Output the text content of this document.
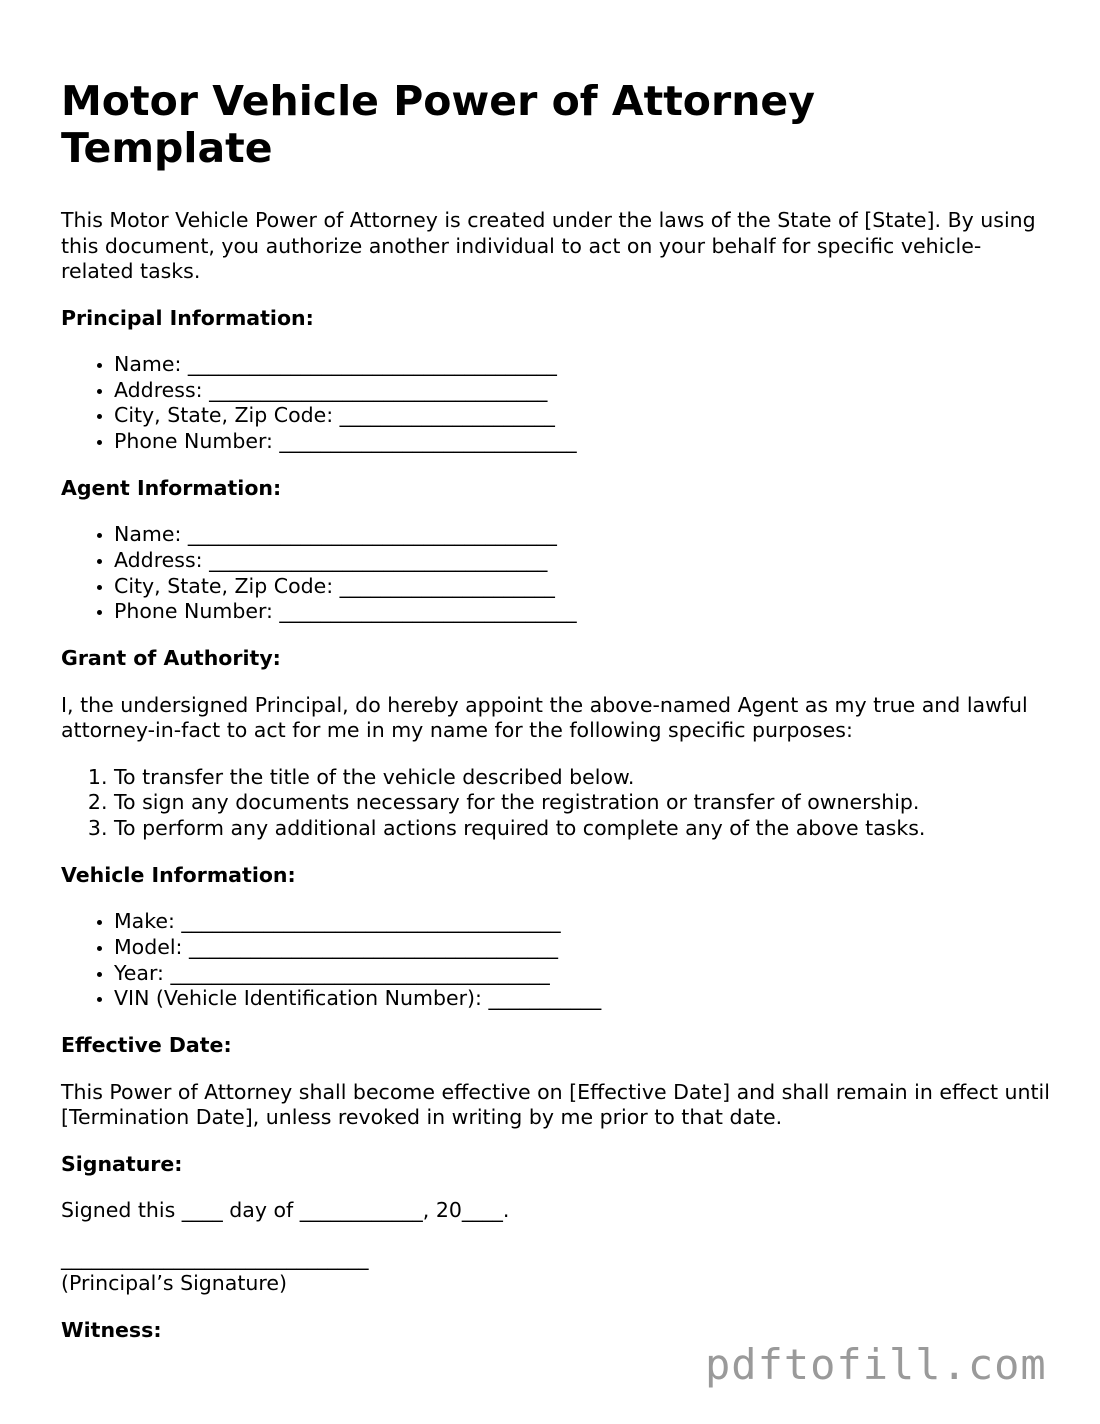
Motor Vehicle Power of Attorney Template

This Motor Vehicle Power of Attorney is created under the laws of the State of [State]. By using this document, you authorize another individual to act on your behalf for specific vehicle-related tasks.

Principal Information:

• Name: ____________________________________
• Address: _________________________________
• City, State, Zip Code: _____________________
• Phone Number: _____________________________

Agent Information:

• Name: ____________________________________
• Address: _________________________________
• City, State, Zip Code: _____________________
• Phone Number: _____________________________

Grant of Authority:

I, the undersigned Principal, do hereby appoint the above-named Agent as my true and lawful attorney-in-fact to act for me in my name for the following specific purposes:

1. To transfer the title of the vehicle described below.
2. To sign any documents necessary for the registration or transfer of ownership.
3. To perform any additional actions required to complete any of the above tasks.

Vehicle Information:

• Make: _____________________________________
• Model: ____________________________________
• Year: _____________________________________
• VIN (Vehicle Identification Number): ___________

Effective Date:

This Power of Attorney shall become effective on [Effective Date] and shall remain in effect until [Termination Date], unless revoked in writing by me prior to that date.

Signature:

Signed this ____ day of ____________, 20____.

______________________________

(Principal’s Signature)

Witness:

pdftofill.com
